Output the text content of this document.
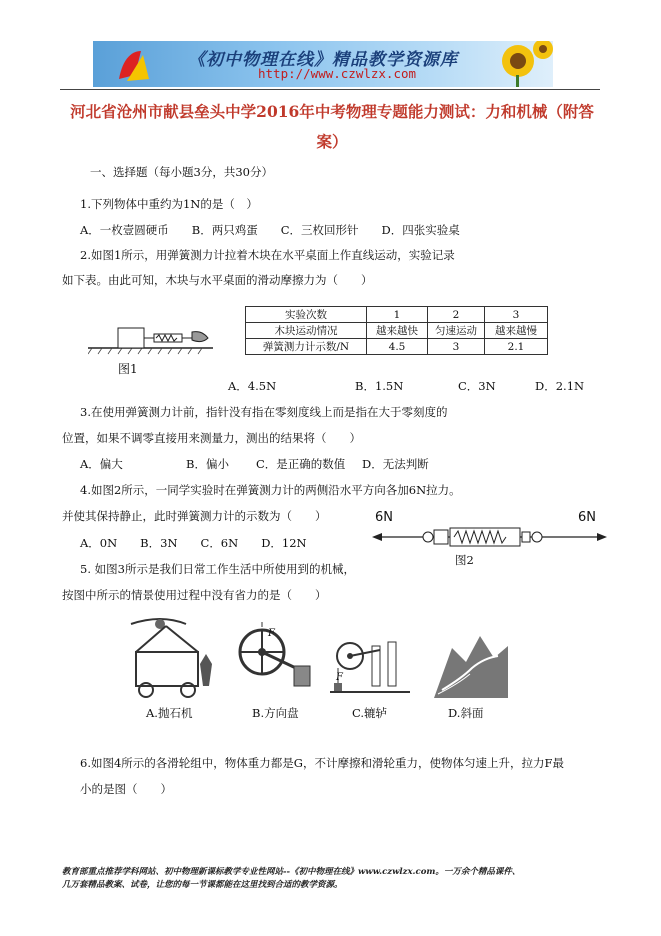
《初中物理在线》精品教学资源库
http://www.czwlzx.com
河北省沧州市献县垒头中学2016年中考物理专题能力测试：力和机械（附答案）
一、选择题（每小题3分，共30分）
1.下列物体中重约为1N的是（　）
A．一枚壹圆硬币　　B．两只鸡蛋　　C．三枚回形针　　D．四张实验桌
2.如图1所示，用弹簧测力计拉着木块在水平桌面上作直线运动，实验记录
如下表。由此可知，木块与水平桌面的滑动摩擦力为（　　）
图1
实验次数	1	2	3
木块运动情况	越来越快	匀速运动	越来越慢
弹簧测力计示数/N	4.5	3	2.1
A．4.5N	B．1.5N	C．3N	D．2.1N
3.在使用弹簧测力计前，指针没有指在零刻度线上而是指在大于零刻度的
位置，如果不调零直接用来测量力，测出的结果将（　　）
A．偏大	B．偏小 C．是正确的数值 D．无法判断
4.如图2所示，一同学实验时在弹簧测力计的两侧沿水平方向各加6N拉力。
并使其保持静止，此时弹簧测力计的示数为（　　）
A．0N　　B．3N　　C．6N　　D．12N
6N	6N
图2
5. 如图3所示是我们日常工作生活中所使用到的机械，
按图中所示的情景使用过程中没有省力的是（　　）
F
F
A.抛石机	B.方向盘	C.辘轳	D.斜面
6.如图4所示的各滑轮组中，物体重力都是G，不计摩擦和滑轮重力，使物体匀速上升，拉力F最
小的是图（　　）
教育部重点推荐学科网站、初中物理新课标教学专业性网站--《初中物理在线》www.czwlzx.com。一万余个精品课件、
几万套精品教案、试卷，让您的每一节课都能在这里找到合适的教学资源。
